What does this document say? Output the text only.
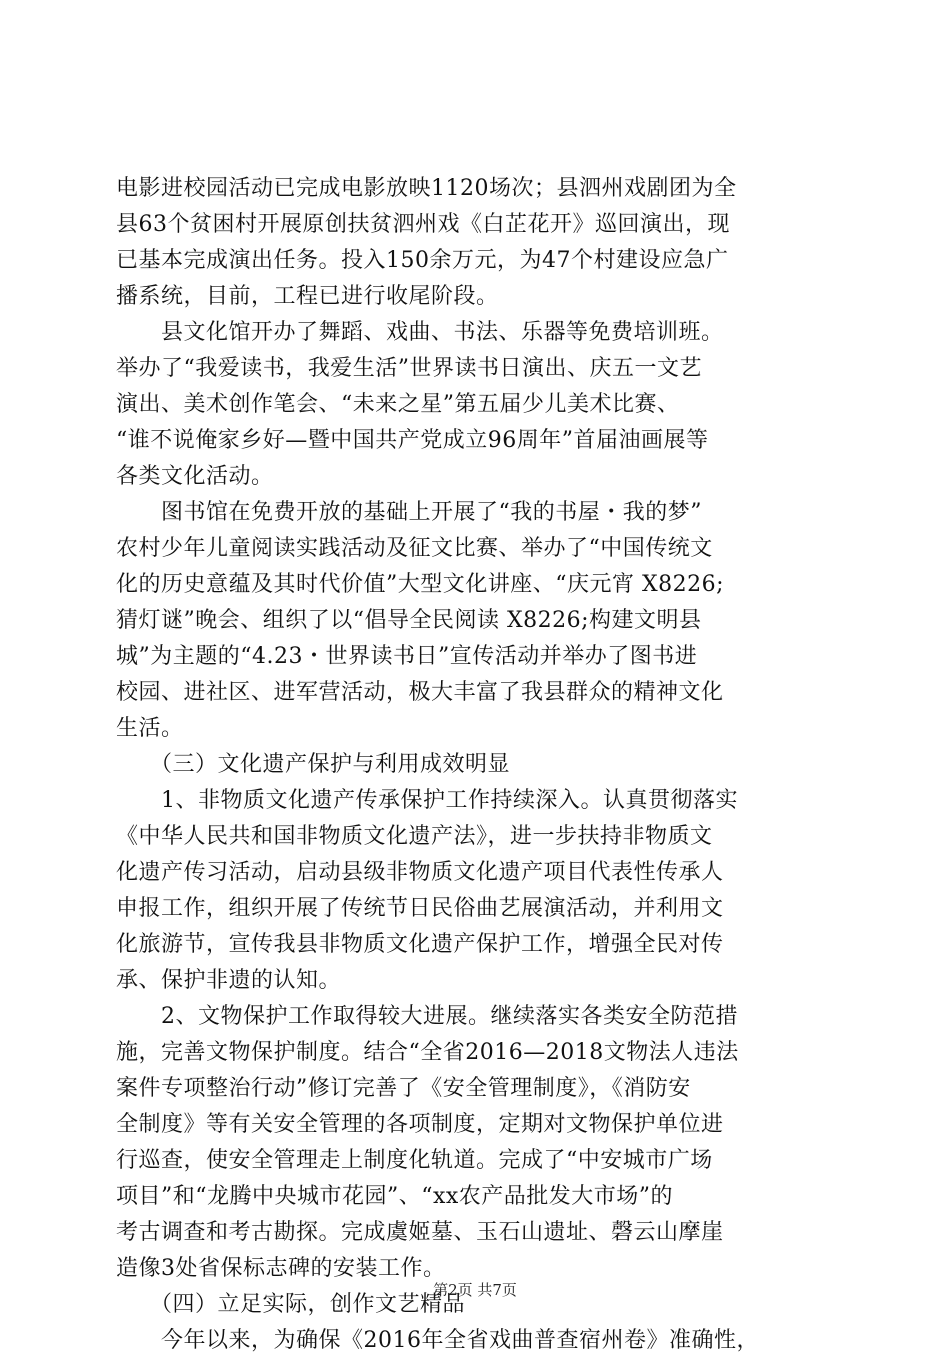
电影进校园活动已完成电影放映1120场次；县泗州戏剧团为全
县63个贫困村开展原创扶贫泗州戏《白芷花开》巡回演出，现
已基本完成演出任务。投入150余万元，为47个村建设应急广
播系统，目前，工程已进行收尾阶段。
　　县文化馆开办了舞蹈、戏曲、书法、乐器等免费培训班。
举办了“我爱读书，我爱生活”世界读书日演出、庆五一文艺
演出、美术创作笔会、“未来之星”第五届少儿美术比赛、
“谁不说俺家乡好—暨中国共产党成立96周年”首届油画展等
各类文化活动。
　　图书馆在免费开放的基础上开展了“我的书屋・我的梦”
农村少年儿童阅读实践活动及征文比赛、举办了“中国传统文
化的历史意蕴及其时代价值”大型文化讲座、“庆元宵 X8226;
猜灯谜”晚会、组织了以“倡导全民阅读 X8226;构建文明县
城”为主题的“4.23・世界读书日”宣传活动并举办了图书进
校园、进社区、进军营活动，极大丰富了我县群众的精神文化
生活。
　　（三）文化遗产保护与利用成效明显
　　1、非物质文化遗产传承保护工作持续深入。认真贯彻落实
《中华人民共和国非物质文化遗产法》，进一步扶持非物质文
化遗产传习活动，启动县级非物质文化遗产项目代表性传承人
申报工作，组织开展了传统节日民俗曲艺展演活动，并利用文
化旅游节，宣传我县非物质文化遗产保护工作，增强全民对传
承、保护非遗的认知。
　　2、文物保护工作取得较大进展。继续落实各类安全防范措
施，完善文物保护制度。结合“全省2016—2018文物法人违法
案件专项整治行动”修订完善了《安全管理制度》，《消防安
全制度》等有关安全管理的各项制度，定期对文物保护单位进
行巡查，使安全管理走上制度化轨道。完成了“中安城市广场
项目”和“龙腾中央城市花园”、“xx农产品批发大市场”的
考古调查和考古勘探。完成虞姬墓、玉石山遗址、磬云山摩崖
造像3处省保标志碑的安装工作。
　　（四）立足实际，创作文艺精品
　　今年以来，为确保《2016年全省戏曲普查宿州卷》准确性，
第2页 共7页
